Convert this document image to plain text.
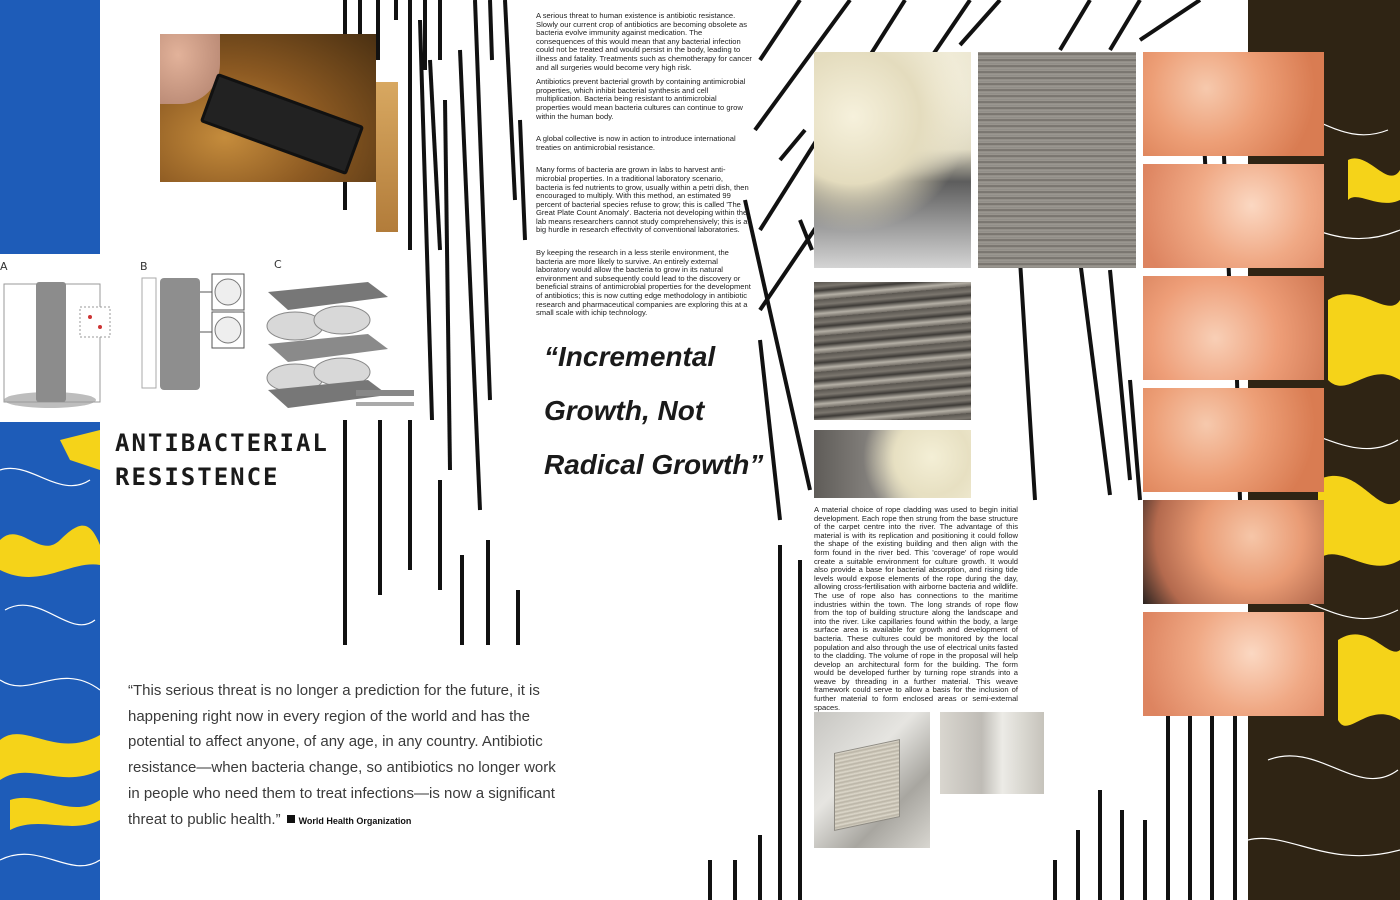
A	B	C
ANTIBACTERIAL
RESISTENCE

A serious threat to human existence is antibiotic resistance. Slowly our current crop of antibiotics are becoming obsolete as bacteria evolve immunity against medication. The consequences of this would mean that any bacterial infection could not be treated and would persist in the body, leading to illness and fatality. Treatments such as chemotherapy for cancer and all surgeries would become very high risk.

Antibiotics prevent bacterial growth by containing antimicrobial properties, which inhibit bacterial synthesis and cell multiplication. Bacteria being resistant to antimicrobial properties would mean bacteria cultures can continue to grow within the human body.

A global collective is now in action to introduce international treaties on antimicrobial resistance.

Many forms of bacteria are grown in labs to harvest anti-microbial properties. In a traditional laboratory scenario, bacteria is fed nutrients to grow, usually within a petri dish, then encouraged to multiply. With this method, an estimated 99 percent of bacterial species refuse to grow; this is called 'The Great Plate Count Anomaly'. Bacteria not developing within the lab means researchers cannot study comprehensively; this is a big hurdle in research effectivity of conventional laboratories.

By keeping the research in a less sterile environment, the bacteria are more likely to survive. An entirely external laboratory would allow the bacteria to grow in its natural environment and subsequently could lead to the discovery or beneficial strains of antimicrobial properties for the development of antibiotics; this is now cutting edge methodology in antibiotic research and pharmaceutical companies are exploring this at a small scale with ichip technology.

“Incremental
Growth, Not
Radical Growth”
“This serious threat is no longer a prediction for the future, it is happening right now in every region of the world and has the potential to affect anyone, of any age, in any country. Antibiotic resistance—when bacteria change, so antibiotics no longer work in people who need them to treat infections—is now a significant threat to public health.” World Health Organization

A material choice of rope cladding was used to begin initial development. Each rope then strung from the base structure of the carpet centre into the river. The advantage of this material is with its replication and positioning it could follow the shape of the existing building and then align with the form found in the river bed. This 'coverage' of rope would create a suitable environment for culture growth. It would also provide a base for bacterial absorption, and rising tide levels would expose elements of the rope during the day, allowing cross-fertilisation with airborne bacteria and wildlife. The use of rope also has connections to the maritime industries within the town. The long strands of rope flow from the top of building structure along the landscape and into the river. Like capillaries found within the body, a large surface area is available for growth and development of bacteria. These cultures could be monitored by the local population and also through the use of electrical units fasted to the cladding. The volume of rope in the proposal will help develop an architectural form for the building. The form would be developed further by turning rope strands into a weave by threading in a further material. This weave framework could serve to allow a basis for the inclusion of further material to form enclosed areas or semi-external spaces.
